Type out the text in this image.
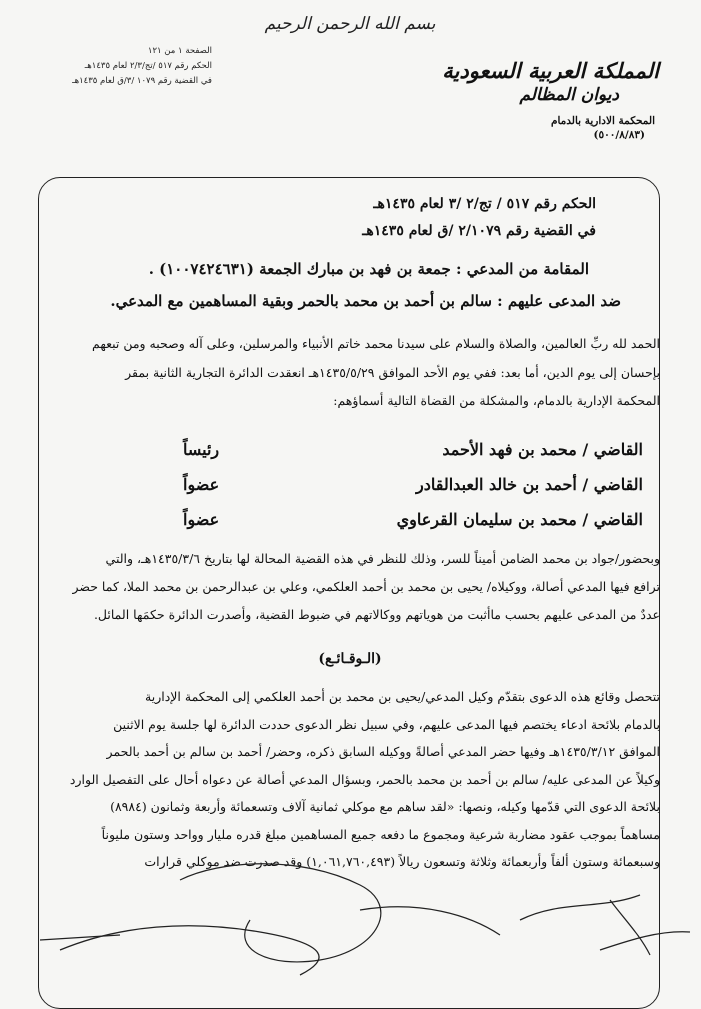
بسم الله الرحمن الرحيم
الصفحة ١ من ١٢١
الحكم رقم ٥١٧ /تج/٢/٣ لعام ١٤٣٥هـ
في القضية رقم ١٠٧٩ /٣/ق لعام ١٤٣٥هـ	المملكة العربية السعودية
ديوان المظالم
المحكمة الادارية بالدمام
(٥٠٠/٨/٨٣)
الحكم رقم ٥١٧ / تج/٢ /٣ لعام ١٤٣٥هـ
في القضية رقم ٢/١٠٧٩ /ق لعام ١٤٣٥هـ
المقامة من المدعي : جمعة بن فهد بن مبارك الجمعة (١٠٠٧٤٢٤٦٣١) .
ضد المدعى عليهم : سالم بن أحمد بن محمد بالحمر وبقية المساهمين مع المدعي.
الحمد لله ربِّ العالمين، والصلاة والسلام على سيدنا محمد خاتم الأنبياء والمرسلين، وعلى آله وصحبه ومن تبعهم
بإحسان إلى يوم الدين، أما بعد: ففي يوم الأحد الموافق ١٤٣٥/٥/٢٩هـ انعقدت الدائرة التجارية الثانية بمقر
المحكمة الإدارية بالدمام، والمشكلة من القضاة التالية أسماؤهم:
القاضي / محمد بن فهد الأحمدرئيساً
القاضي / أحمد بن خالد العبدالقادرعضواً
القاضي / محمد بن سليمان القرعاويعضواً
وبحضور/جواد بن محمد الضامن أميناً للسر، وذلك للنظر في هذه القضية المحالة لها بتاريخ ١٤٣٥/٣/٦هـ، والتي
ترافع فيها المدعي أصالة، ووكيلاه/ يحيى بن محمد بن أحمد العلكمي، وعلي بن عبدالرحمن بن محمد الملا، كما حضر
عددٌ من المدعى عليهم بحسب ماأثبت من هوياتهم ووكالاتهم في ضبوط القضية، وأصدرت الدائرة حكمَها المائل.
(الـوقـائـع)
تتحصل وقائع هذه الدعوى بتقدّم وكيل المدعي/يحيى بن محمد بن أحمد العلكمي إلى المحكمة الإدارية
بالدمام بلائحة ادعاء يختصم فيها المدعى عليهم، وفي سبيل نظر الدعوى حددت الدائرة لها جلسة يوم الاثنين
الموافق ١٤٣٥/٣/١٢هـ وفيها حضر المدعي أصالةً ووكيله السابق ذكره، وحضر/ أحمد بن سالم بن أحمد بالحمر
وكيلاً عن المدعى عليه/ سالم بن أحمد بن محمد بالحمر، وبسؤال المدعي أصالة عن دعواه أحال على التفصيل الوارد
بلائحة الدعوى التي قدّمها وكيله، ونصها: «لقد ساهم مع موكلي ثمانية آلاف وتسعمائة وأربعة وثمانون (٨٩٨٤)
مساهماً بموجب عقود مضاربة شرعية ومجموع ما دفعه جميع المساهمين مبلغ قدره مليار وواحد وستون مليوناً
وسبعمائة وستون ألفاً وأربعمائة وثلاثة وتسعون ريالاً (١,٠٦١,٧٦٠,٤٩٣) وقد صدرت ضد موكلي قرارات
